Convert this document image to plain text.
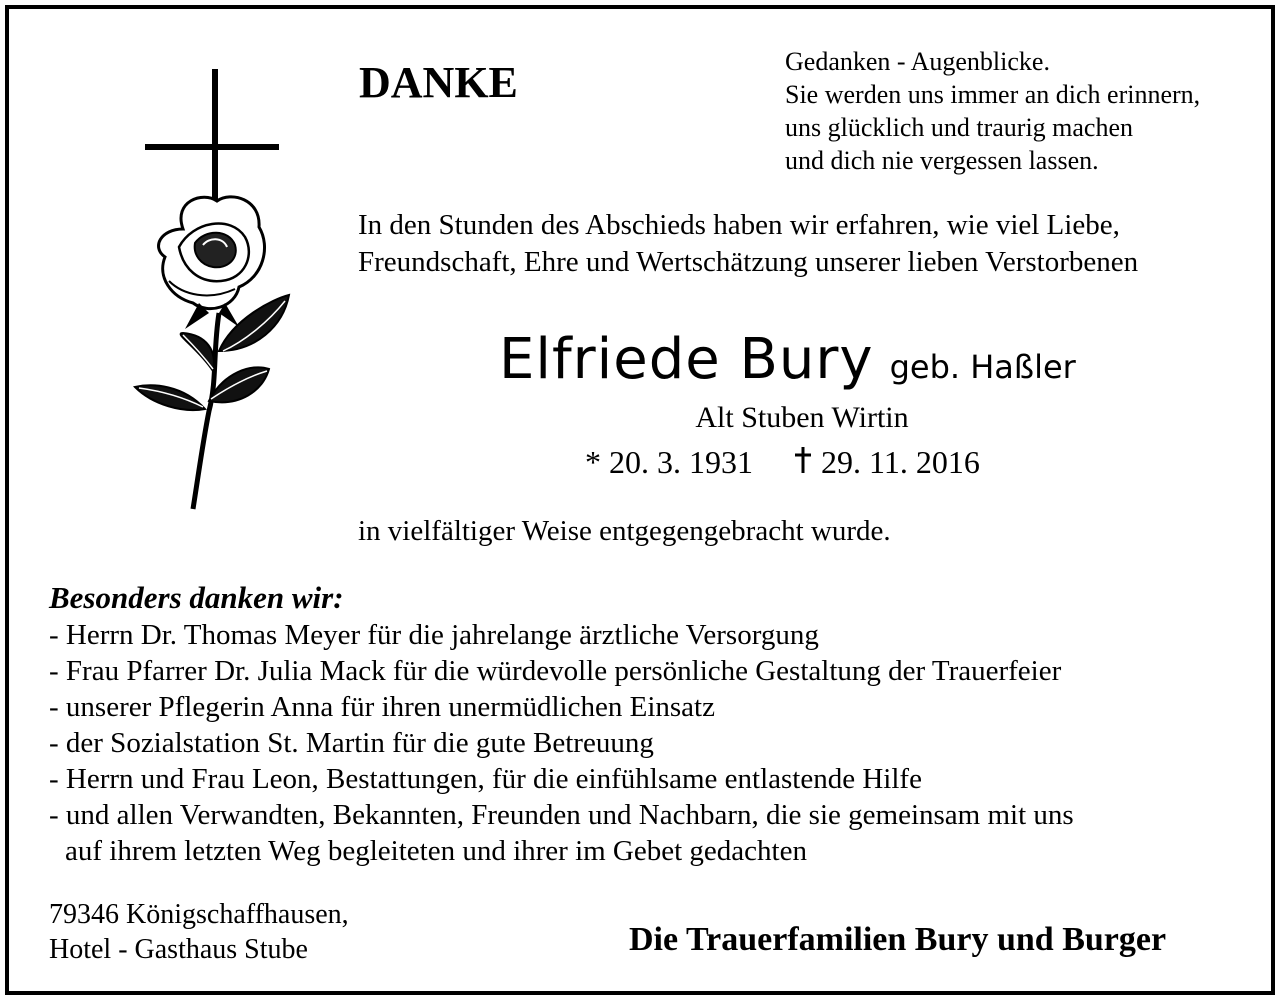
DANKE	Gedanken - Augenblicke.
Sie werden uns immer an dich erinnern,
uns glücklich und traurig machen
und dich nie vergessen lassen.
In den Stunden des Abschieds haben wir erfahren, wie viel Liebe,
Freundschaft, Ehre und Wertschätzung unserer lieben Verstorbenen
Elfriede Bury geb. Haßler
Alt Stuben Wirtin
* 20. 3. 1931 29. 11. 2016
in vielfältiger Weise entgegengebracht wurde.
Besonders danken wir:
- Herrn Dr. Thomas Meyer für die jahrelange ärztliche Versorgung
- Frau Pfarrer Dr. Julia Mack für die würdevolle persönliche Gestaltung der Trauerfeier
- unserer Pflegerin Anna für ihren unermüdlichen Einsatz
- der Sozialstation St. Martin für die gute Betreuung
- Herrn und Frau Leon, Bestattungen, für die einfühlsame entlastende Hilfe
- und allen Verwandten, Bekannten, Freunden und Nachbarn, die sie gemeinsam mit uns
auf ihrem letzten Weg begleiteten und ihrer im Gebet gedachten
79346 Königschaffhausen,
Hotel - Gasthaus Stube	Die Trauerfamilien Bury und Burger
